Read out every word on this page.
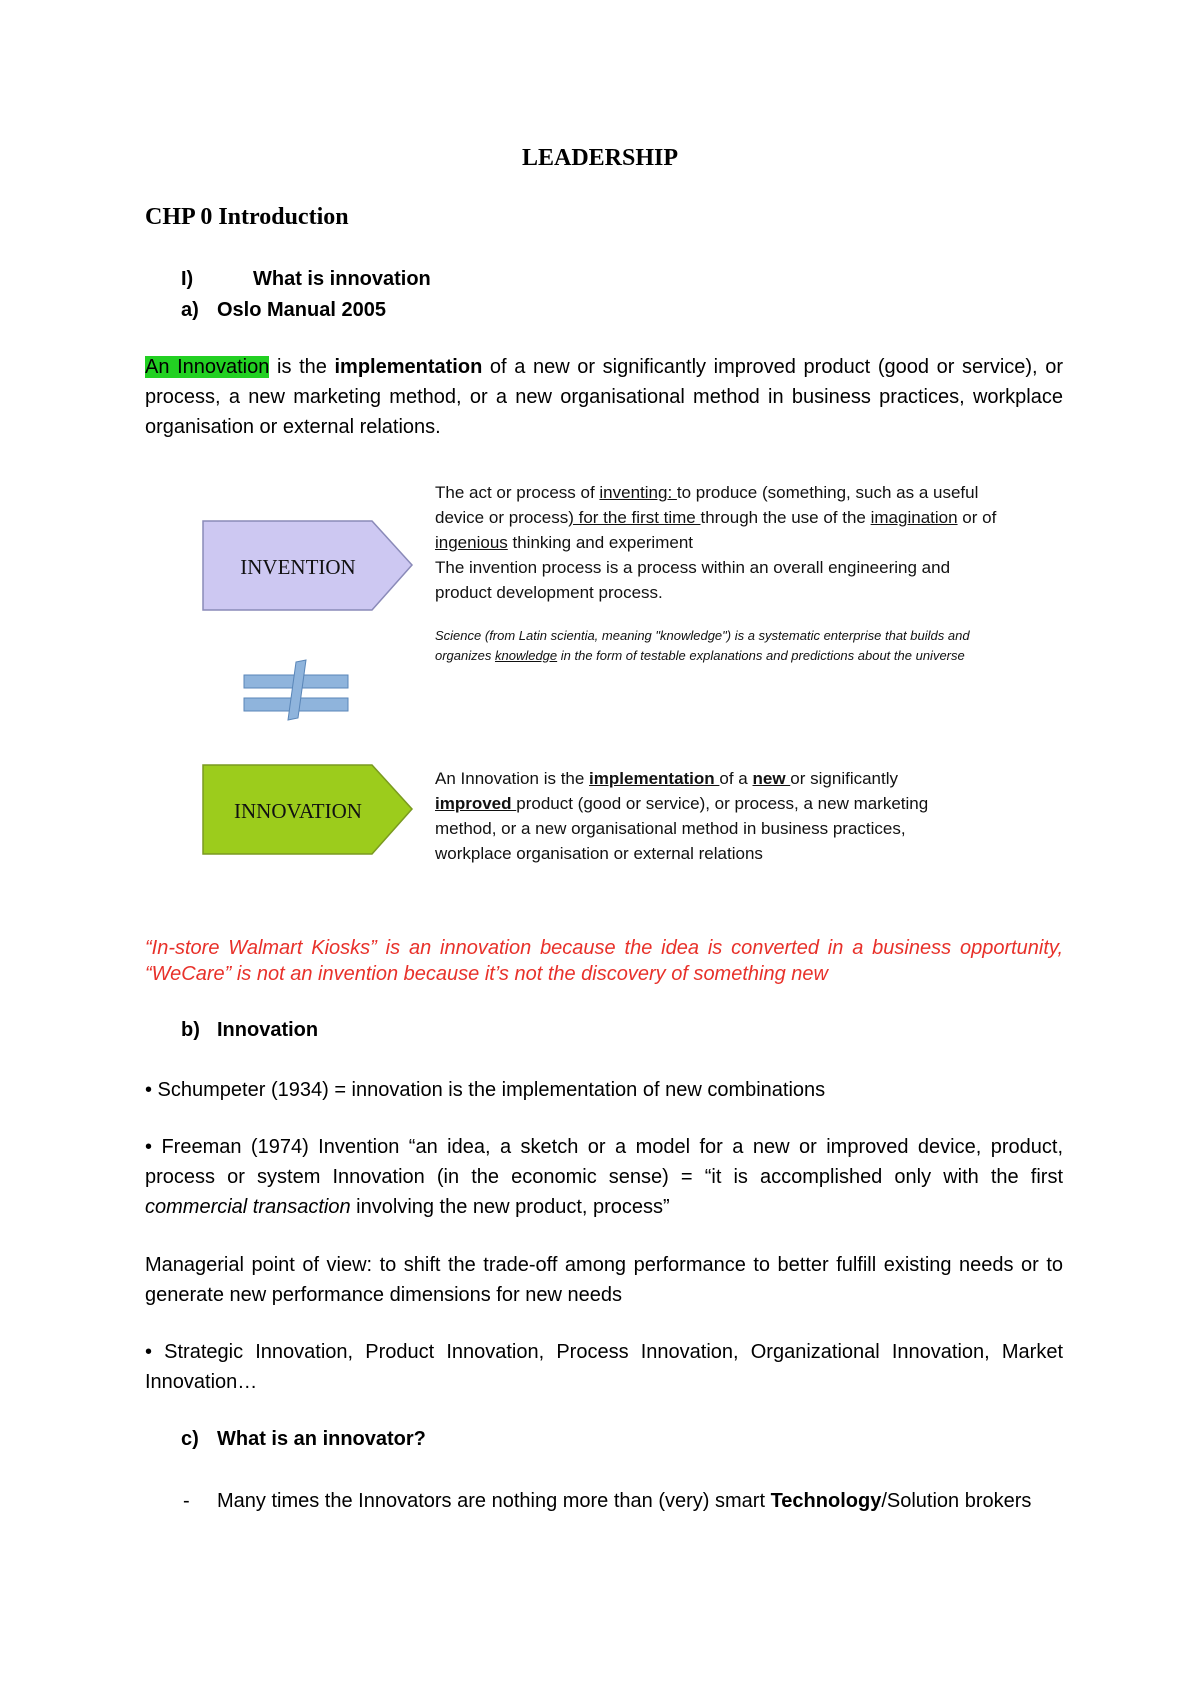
LEADERSHIP
CHP 0 Introduction
I)	What is innovation
a) Oslo Manual 2005
An Innovation is the implementation of a new or significantly improved product (good or service), or process, a new marketing method, or a new organisational method in business practices, workplace organisation or external relations.
INVENTION
INNOVATION
The act or process of inventing: to produce (something, such as a useful device or process) for the first time through the use of the imagination or of ingenious thinking and experiment
The invention process is a process within an overall engineering and product development process.
Science (from Latin scientia, meaning "knowledge") is a systematic enterprise that builds and organizes knowledge in the form of testable explanations and predictions about the universe
An Innovation is the implementation of a new or significantly improved product (good or service), or process, a new marketing method, or a new organisational method in business practices, workplace organisation or external relations
“In-store Walmart Kiosks” is an innovation because the idea is converted in a business opportunity, “WeCare” is not an invention because it’s not the discovery of something new
b) Innovation
• Schumpeter (1934) = innovation is the implementation of new combinations
• Freeman (1974) Invention “an idea, a sketch or a model for a new or improved device, product, process or system Innovation (in the economic sense) = “it is accomplished only with the first commercial transaction involving the new product, process”
Managerial point of view: to shift the trade-off among performance to better fulfill existing needs or to generate new performance dimensions for new needs
• Strategic Innovation, Product Innovation, Process Innovation, Organizational Innovation, Market Innovation…
c) What is an innovator?
- Many times the Innovators are nothing more than (very) smart Technology/Solution brokers
